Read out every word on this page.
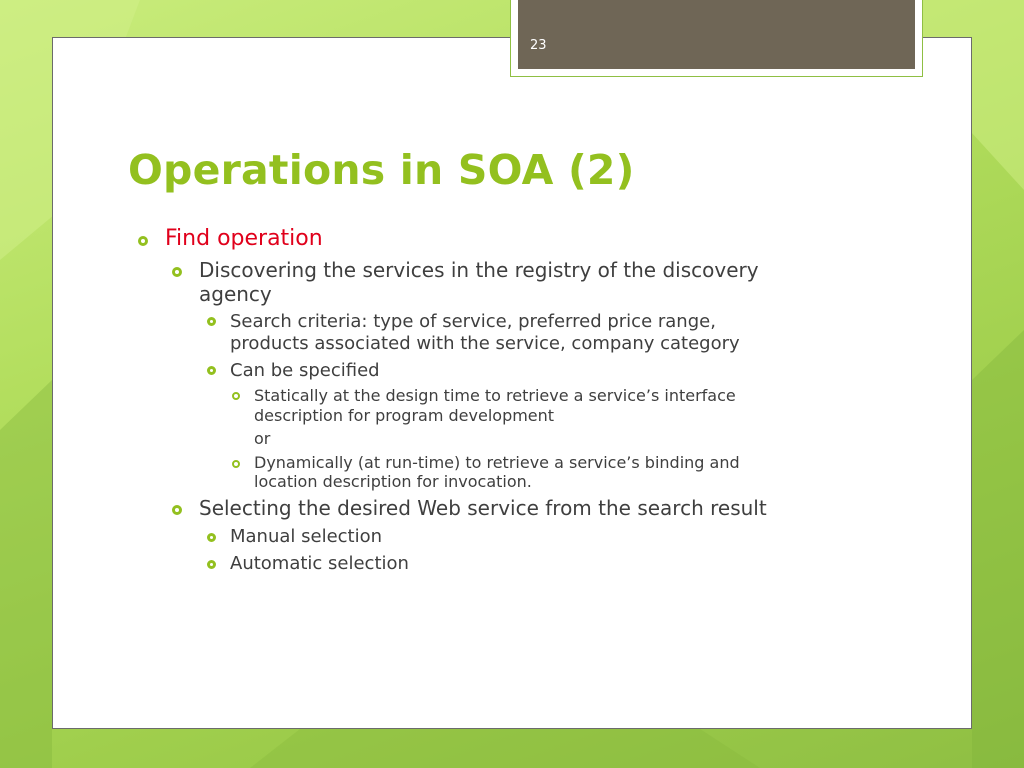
23
Operations in SOA (2)
Find operation
Discovering the services in the registry of the discovery
agency
Search criteria: type of service, preferred price range,
products associated with the service, company category
Can be specified
Statically at the design time to retrieve a service’s interface
description for program development
or
Dynamically (at run-time) to retrieve a service’s binding and
location description for invocation.
Selecting the desired Web service from the search result
Manual selection
Automatic selection
